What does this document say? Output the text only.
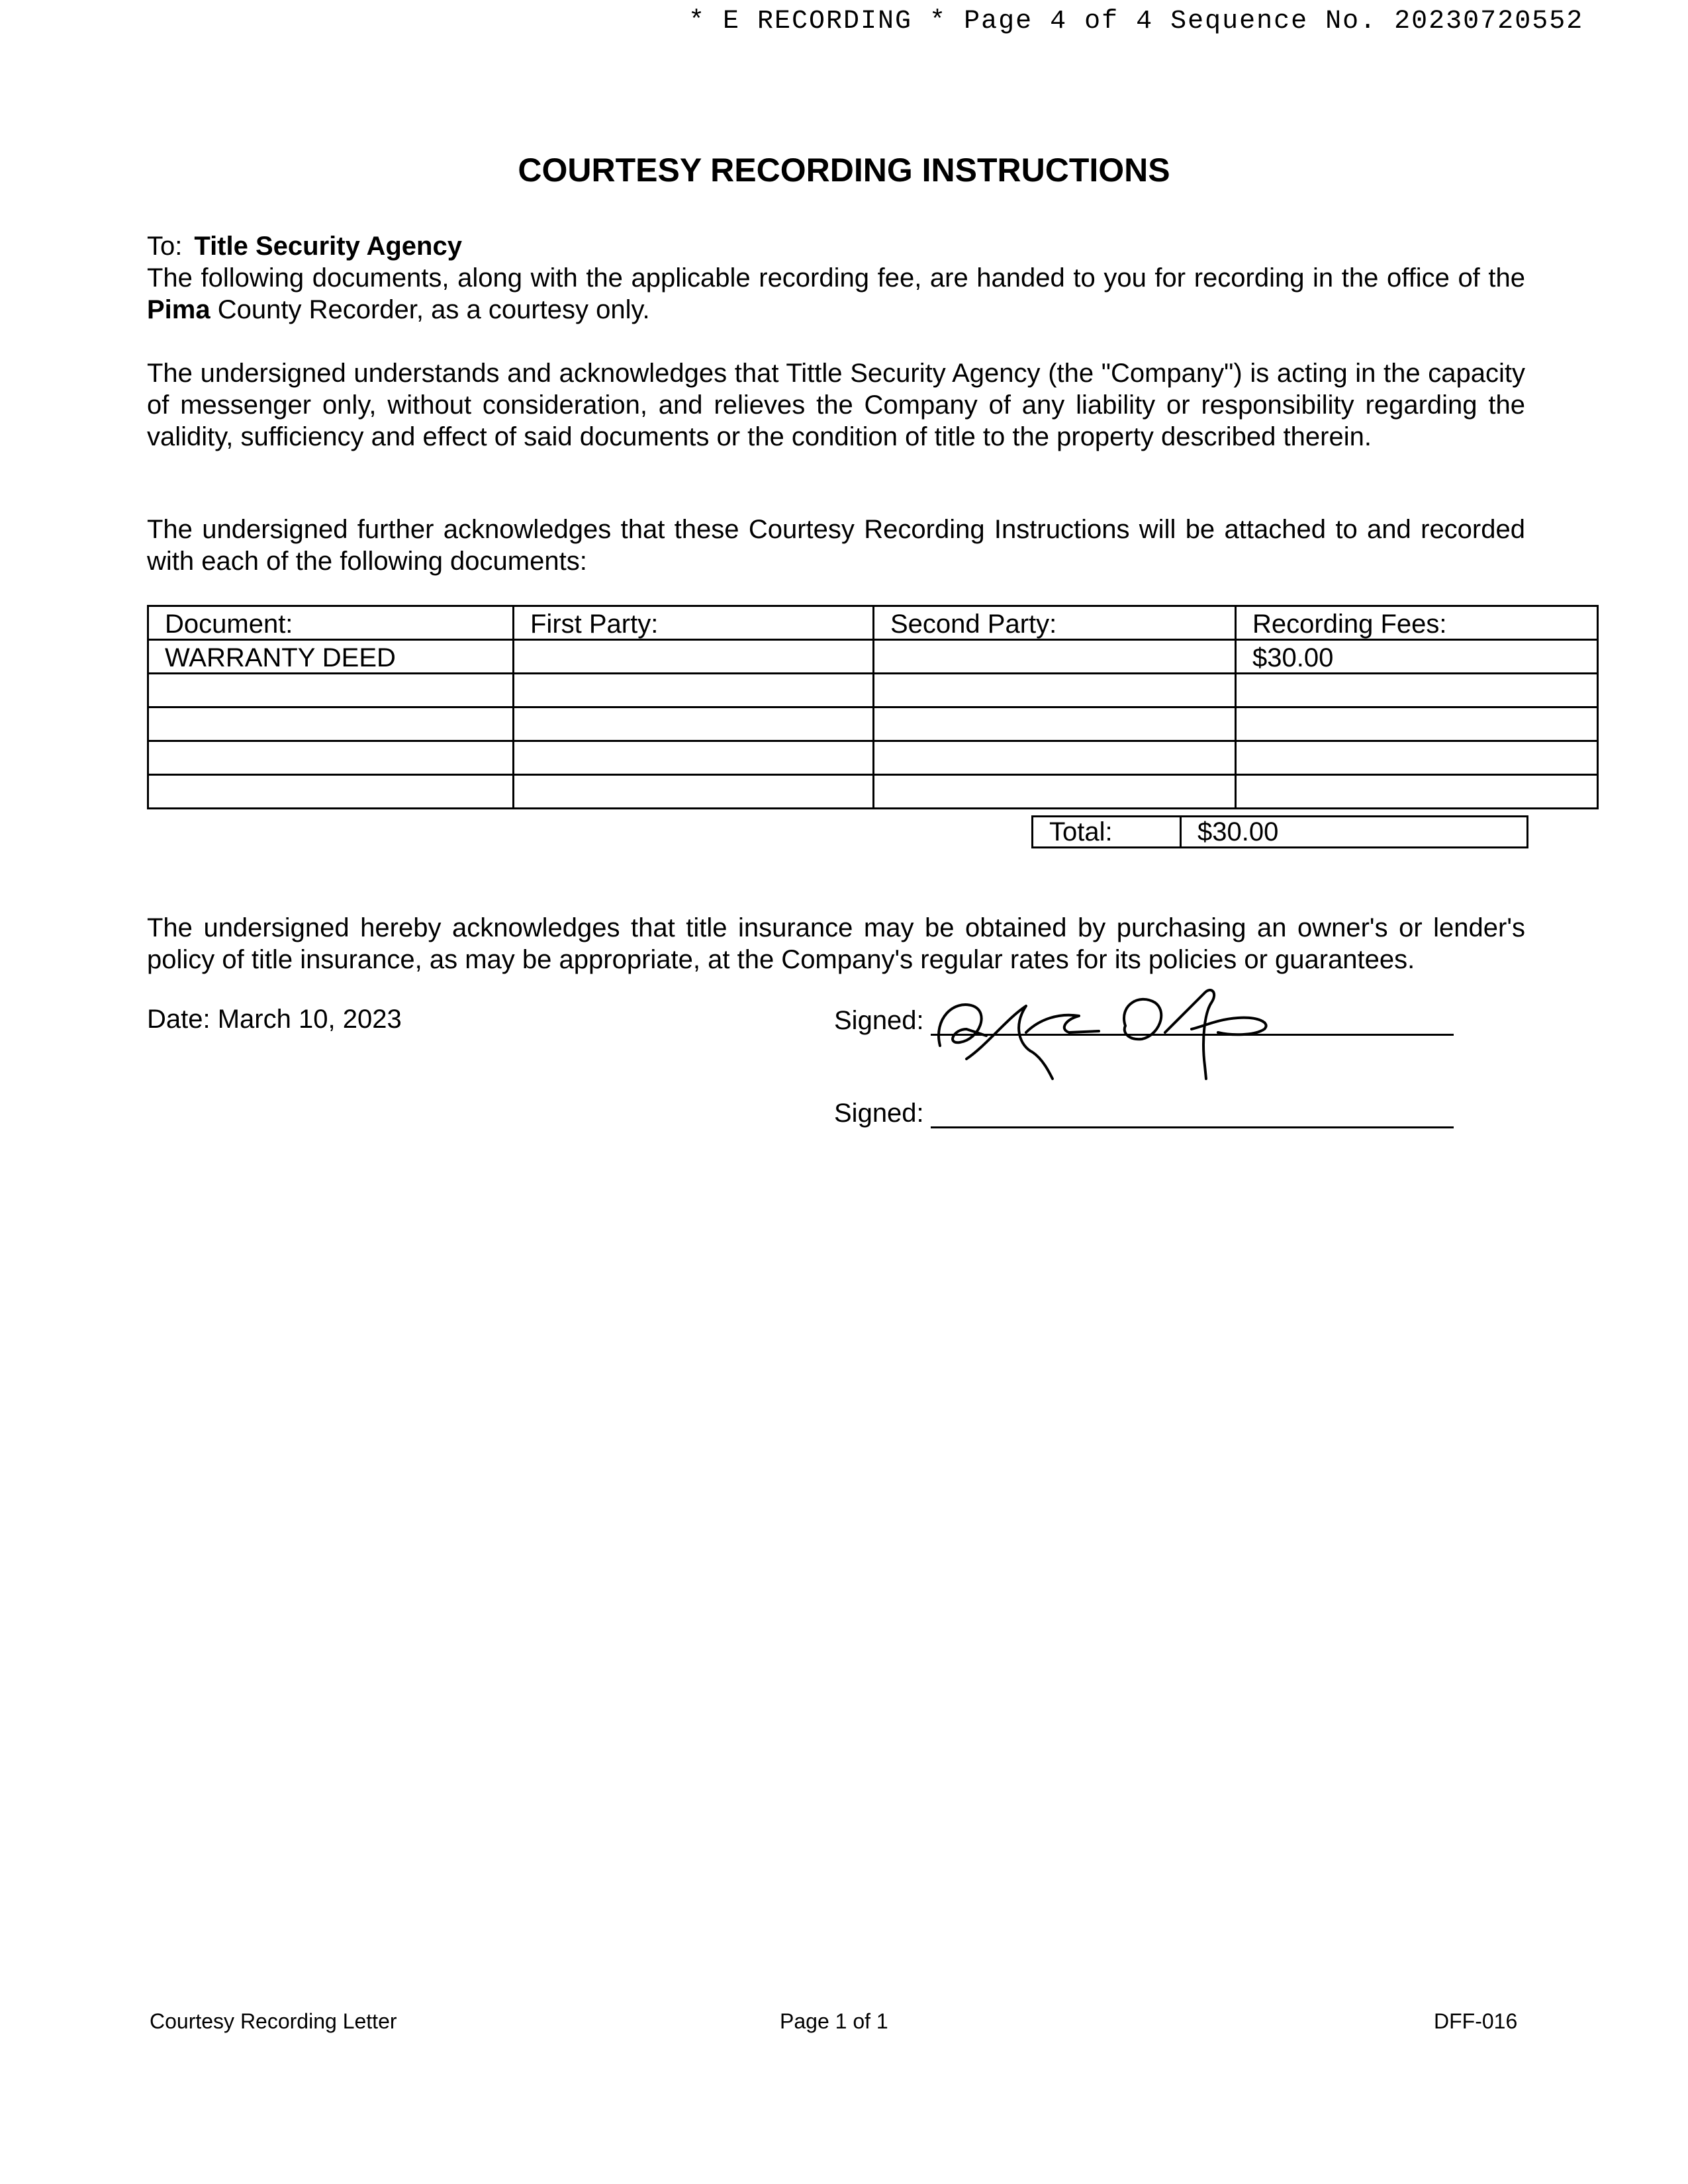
* E RECORDING * Page 4 of 4 Sequence No. 20230720552
COURTESY RECORDING INSTRUCTIONS
To: Title Security Agency
The following documents, along with the applicable recording fee, are handed to you for recording in the office of the Pima County Recorder, as a courtesy only.
The undersigned understands and acknowledges that Tittle Security Agency (the "Company") is acting in the capacity of messenger only, without consideration, and relieves the Company of any liability or responsibility regarding the validity, sufficiency and effect of said documents or the condition of title to the property described therein.
The undersigned further acknowledges that these Courtesy Recording Instructions will be attached to and recorded with each of the following documents:
Document:	First Party:	Second Party:	Recording Fees:
WARRANTY DEED			$30.00

Total:	$30.00
The undersigned hereby acknowledges that title insurance may be obtained by purchasing an owner's or lender's policy of title insurance, as may be appropriate, at the Company's regular rates for its policies or guarantees.
Date: March 10, 2023	Signed:
Signed:
Courtesy Recording Letter	Page 1 of 1	DFF-016
